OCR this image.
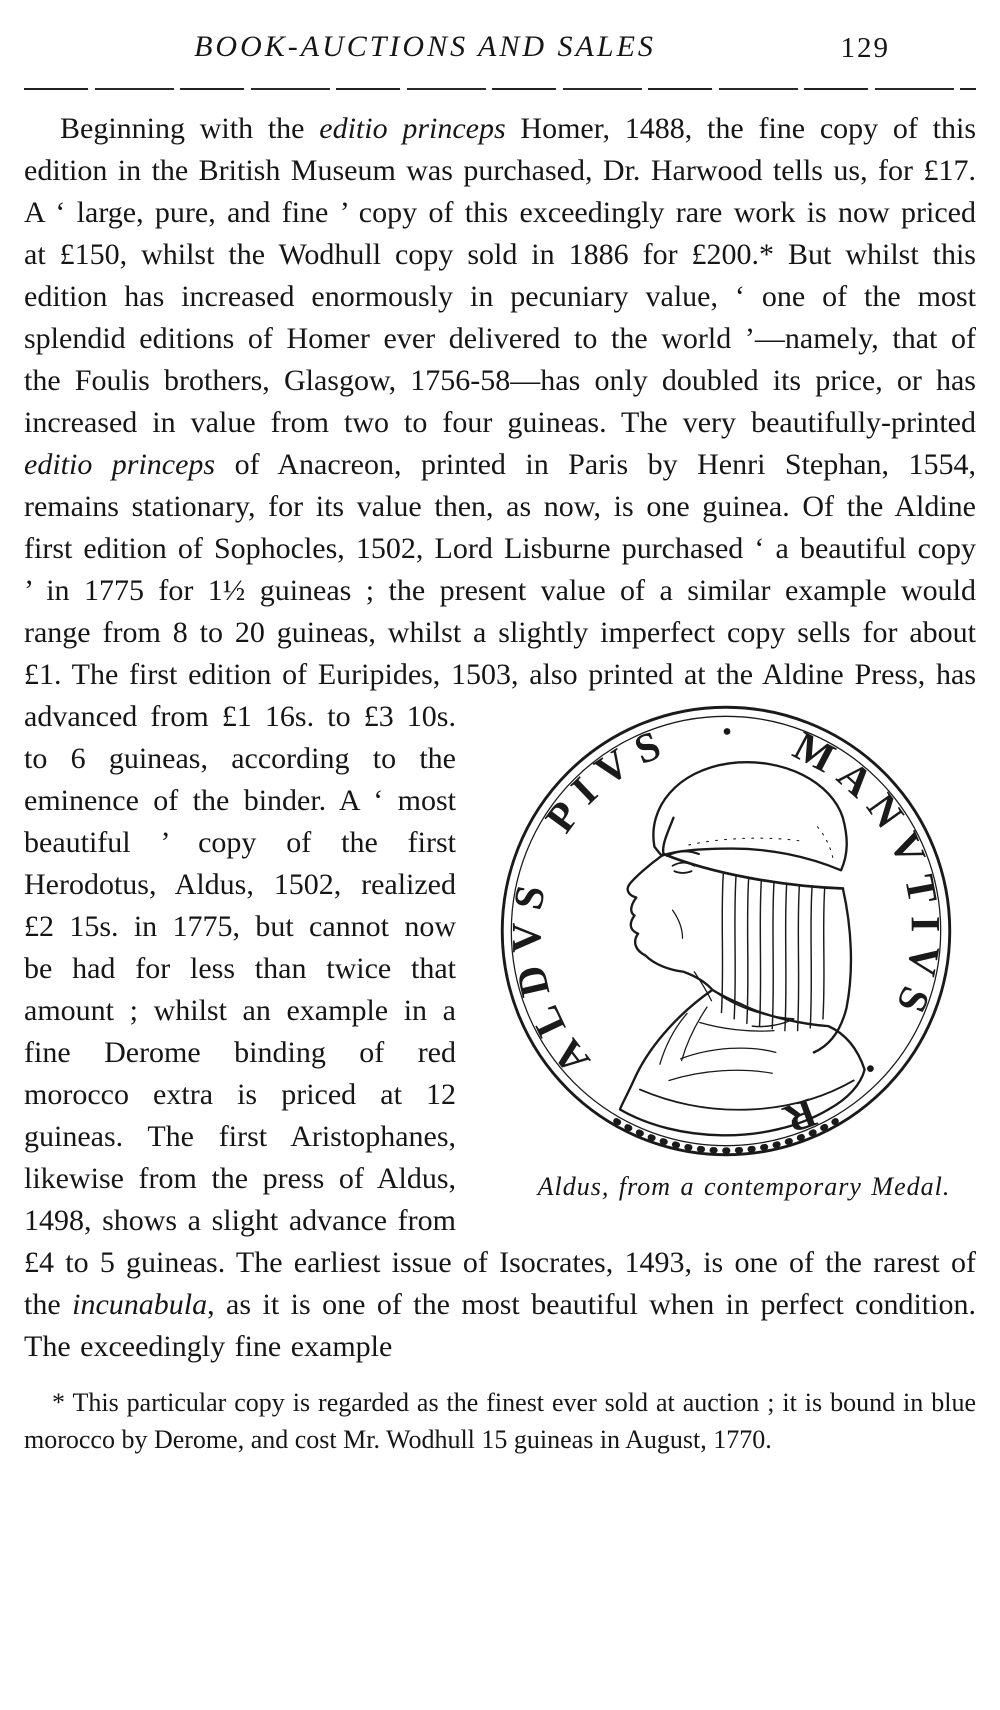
BOOK-AUCTIONS AND SALES	129

Beginning with the editio princeps Homer, 1488, the fine copy of this edition in the British Museum was purchased, Dr. Harwood tells us, for £17. A ‘ large, pure, and fine ’ copy of this exceedingly rare work is now priced at £150, whilst the Wodhull copy sold in 1886 for £200.* But whilst this edition has increased enormously in pecuniary value, ‘ one of the most splendid editions of Homer ever delivered to the world ’—namely, that of the Foulis brothers, Glasgow, 1756-58—has only doubled its price, or has increased in value from two to four guineas. The very beautifully-printed editio princeps of Anacreon, printed in Paris by Henri Stephan, 1554, remains stationary, for its value then, as now, is one guinea. Of the Aldine first edition of Sophocles, 1502, Lord Lisburne purchased ‘ a beautiful copy ’ in 1775 for 1½ guineas ; the present value of a similar example would range from 8 to 20 guineas, whilst a slightly imperfect copy sells for about £1. The first edition of Euripides, 1503, also printed at the Aldine Press, has advanced from £1 16s.
ALDVS PIVS · MANVTIVS · R
Aldus, from a contemporary Medal.
to £3 10s. to 6 guineas, according to the eminence of the binder. A ‘ most beautiful ’ copy of the first Herodotus, Aldus, 1502, realized £2 15s. in 1775, but cannot now be had for less than twice that amount ; whilst an example in a fine Derome binding of red morocco extra is priced at 12 guineas. The first Aristophanes, likewise from the press of Aldus, 1498, shows a slight advance from £4 to 5 guineas. The earliest issue of Isocrates, 1493, is one of the rarest of the incunabula, as it is one of the most beautiful when in perfect condition. The exceedingly fine example

* This particular copy is regarded as the finest ever sold at auction ; it is bound in blue morocco by Derome, and cost Mr. Wodhull 15 guineas in August, 1770.
